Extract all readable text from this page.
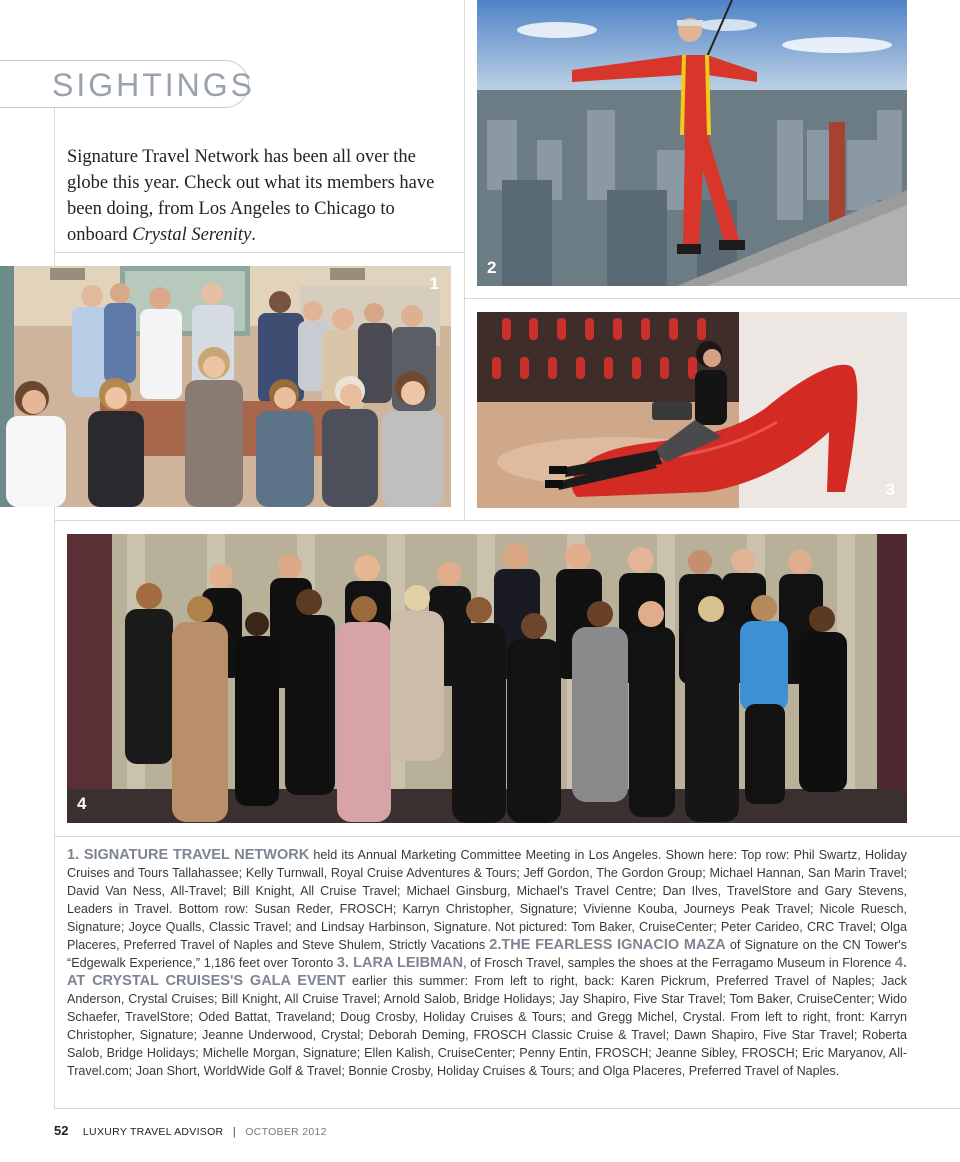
SIGHTINGS
Signature Travel Network has been all over the globe this year. Check out what its members have been doing, from Los Angeles to Chicago to onboard Crystal Serenity.
1
2
3
4
1. SIGNATURE TRAVEL NETWORK held its Annual Marketing Committee Meeting in Los Angeles. Shown here: Top row: Phil Swartz, Holiday Cruises and Tours Tallahassee; Kelly Turnwall, Royal Cruise Adventures & Tours; Jeff Gordon, The Gordon Group; Michael Hannan, San Marin Travel; David Van Ness, All-Travel; Bill Knight, All Cruise Travel; Michael Ginsburg, Michael's Travel Centre; Dan Ilves, TravelStore and Gary Stevens, Leaders in Travel. Bottom row: Susan Reder, FROSCH; Karryn Christopher, Signature; Vivienne Kouba, Journeys Peak Travel; Nicole Ruesch, Signature; Joyce Qualls, Classic Travel; and Lindsay Harbinson, Signature. Not pictured: Tom Baker, CruiseCenter; Peter Carideo, CRC Travel; Olga Placeres, Preferred Travel of Naples and Steve Shulem, Strictly Vacations 2.THE FEARLESS IGNACIO MAZA of Signature on the CN Tower's “Edgewalk Experience,” 1,186 feet over Toronto 3. LARA LEIBMAN, of Frosch Travel, samples the shoes at the Ferragamo Museum in Florence 4. AT CRYSTAL CRUISES'S GALA EVENT earlier this summer: From left to right, back: Karen Pickrum, Preferred Travel of Naples; Jack Anderson, Crystal Cruises; Bill Knight, All Cruise Travel; Arnold Salob, Bridge Holidays; Jay Shapiro, Five Star Travel; Tom Baker, CruiseCenter; Wido Schaefer, TravelStore; Oded Battat, Traveland; Doug Crosby, Holiday Cruises & Tours; and Gregg Michel, Crystal. From left to right, front: Karryn Christopher, Signature; Jeanne Underwood, Crystal; Deborah Deming, FROSCH Classic Cruise & Travel; Dawn Shapiro, Five Star Travel; Roberta Salob, Bridge Holidays; Michelle Morgan, Signature; Ellen Kalish, CruiseCenter; Penny Entin, FROSCH; Jeanne Sibley, FROSCH; Eric Maryanov, All-Travel.com; Joan Short, WorldWide Golf & Travel; Bonnie Crosby, Holiday Cruises & Tours; and Olga Placeres, Preferred Travel of Naples.
52 LUXURY TRAVEL ADVISOR | OCTOBER 2012
